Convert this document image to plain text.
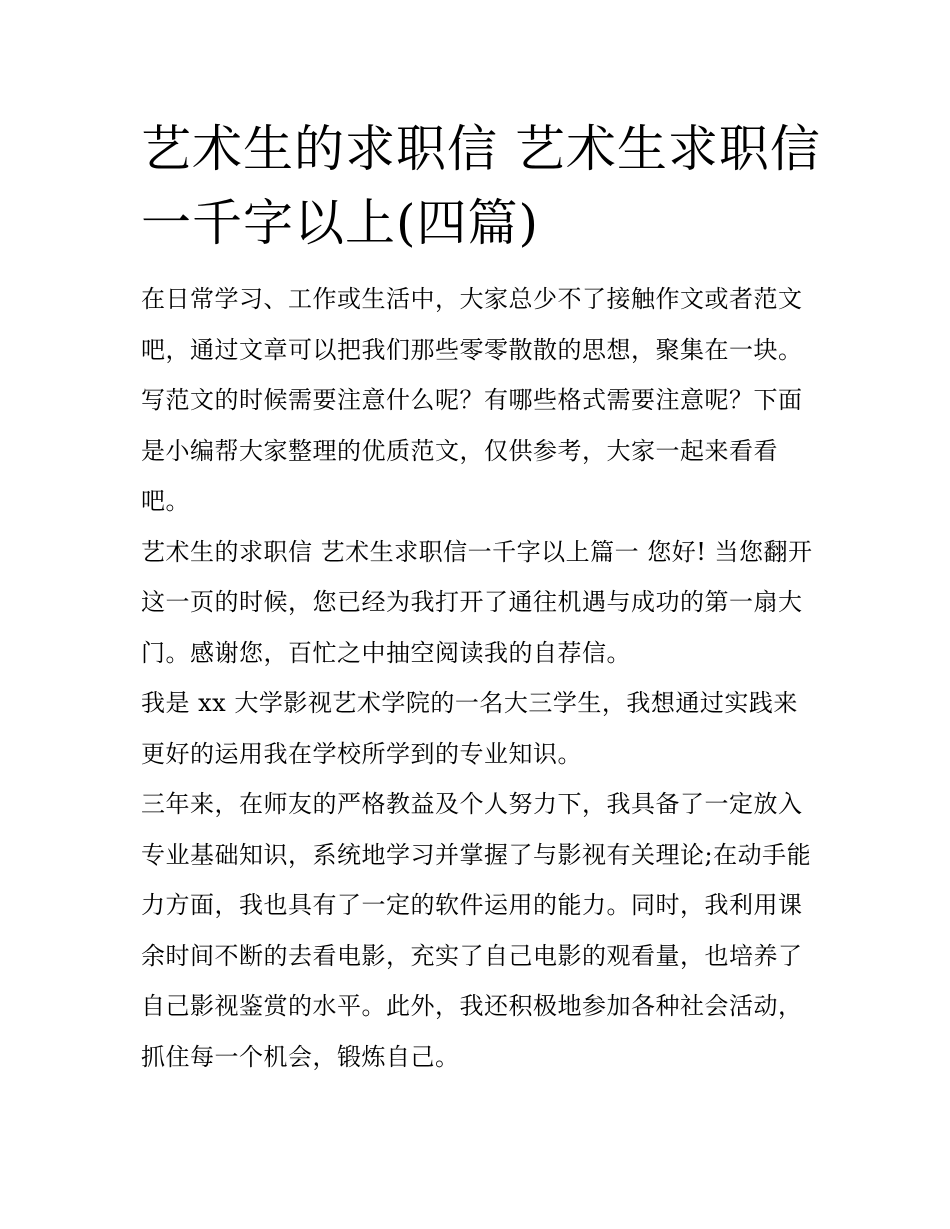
艺术生的求职信 艺术生求职信一千字以上(四篇)

在日常学习、工作或生活中，大家总少不了接触作文或者范文吧，通过文章可以把我们那些零零散散的思想，聚集在一块。写范文的时候需要注意什么呢？有哪些格式需要注意呢？下面是小编帮大家整理的优质范文，仅供参考，大家一起来看看吧。

艺术生的求职信 艺术生求职信一千字以上篇一 您好! 当您翻开这一页的时候，您已经为我打开了通往机遇与成功的第一扇大门。感谢您，百忙之中抽空阅读我的自荐信。

我是 xx 大学影视艺术学院的一名大三学生，我想通过实践来更好的运用我在学校所学到的专业知识。

三年来，在师友的严格教益及个人努力下，我具备了一定放入专业基础知识，系统地学习并掌握了与影视有关理论;在动手能力方面，我也具有了一定的软件运用的能力。同时，我利用课余时间不断的去看电影，充实了自己电影的观看量，也培养了自己影视鉴赏的水平。此外，我还积极地参加各种社会活动，抓住每一个机会，锻炼自己。
